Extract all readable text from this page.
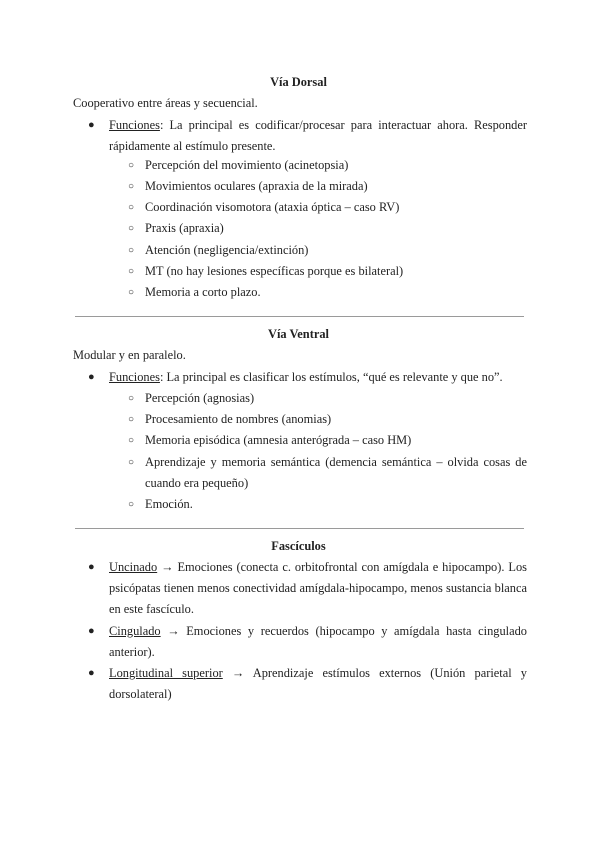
Vía Dorsal
Cooperativo entre áreas y secuencial.
● Funciones: La principal es codificar/procesar para interactuar ahora. Responder rápidamente al estímulo presente.
○ Percepción del movimiento (acinetopsia)
○ Movimientos oculares (apraxia de la mirada)
○ Coordinación visomotora (ataxia óptica – caso RV)
○ Praxis (apraxia)
○ Atención (negligencia/extinción)
○ MT (no hay lesiones específicas porque es bilateral)
○ Memoria a corto plazo.
Vía Ventral
Modular y en paralelo.
● Funciones: La principal es clasificar los estímulos, “qué es relevante y que no”.
○ Percepción (agnosias)
○ Procesamiento de nombres (anomias)
○ Memoria episódica (amnesia anterógrada – caso HM)
○ Aprendizaje y memoria semántica (demencia semántica – olvida cosas de cuando era pequeño)
○ Emoción.
Fascículos
● Uncinado → Emociones (conecta c. orbitofrontal con amígdala e hipocampo). Los psicópatas tienen menos conectividad amígdala-hipocampo, menos sustancia blanca en este fascículo.
● Cingulado → Emociones y recuerdos (hipocampo y amígdala hasta cingulado anterior).
● Longitudinal superior → Aprendizaje estímulos externos (Unión parietal y dorsolateral)
